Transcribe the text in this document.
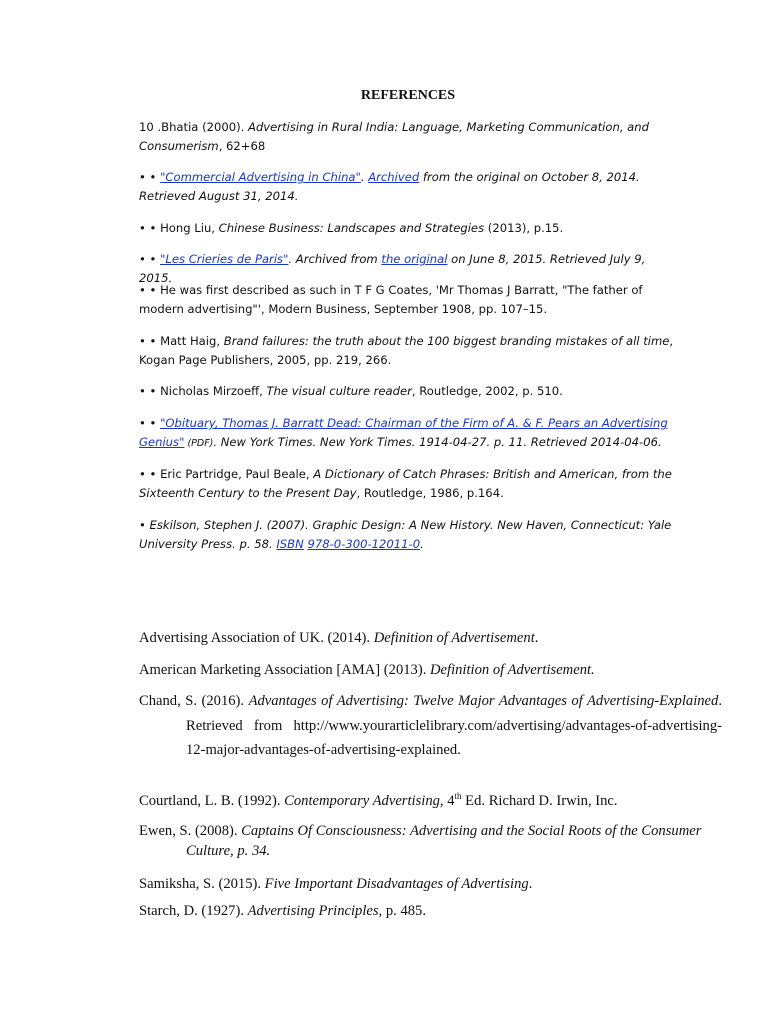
REFERENCES
10 .Bhatia (2000). Advertising in Rural India: Language, Marketing Communication, and Consumerism, 62+68
• • "Commercial Advertising in China". Archived from the original on October 8, 2014. Retrieved August 31, 2014.
• • Hong Liu, Chinese Business: Landscapes and Strategies (2013), p.15.
• • "Les Crieries de Paris". Archived from the original on June 8, 2015. Retrieved July 9, 2015.
• • He was first described as such in T F G Coates, 'Mr Thomas J Barratt, "The father of modern advertising"', Modern Business, September 1908, pp. 107–15.
• • Matt Haig, Brand failures: the truth about the 100 biggest branding mistakes of all time, Kogan Page Publishers, 2005, pp. 219, 266.
• • Nicholas Mirzoeff, The visual culture reader, Routledge, 2002, p. 510.
• • "Obituary, Thomas J. Barratt Dead: Chairman of the Firm of A. & F. Pears an Advertising Genius" (PDF). New York Times. New York Times. 1914-04-27. p. 11. Retrieved 2014-04-06.
• • Eric Partridge, Paul Beale, A Dictionary of Catch Phrases: British and American, from the Sixteenth Century to the Present Day, Routledge, 1986, p.164.
• Eskilson, Stephen J. (2007). Graphic Design: A New History. New Haven, Connecticut: Yale University Press. p. 58. ISBN 978-0-300-12011-0.
Advertising Association of UK. (2014). Definition of Advertisement.
American Marketing Association [AMA] (2013). Definition of Advertisement.
Chand, S. (2016). Advantages of Advertising: Twelve Major Advantages of Advertising-Explained. Retrieved from http://www.yourarticlelibrary.com/advertising/advantages-of-advertising-12-major-advantages-of-advertising-explained.
Courtland, L. B. (1992). Contemporary Advertising, 4th Ed. Richard D. Irwin, Inc.
Ewen, S. (2008). Captains Of Consciousness: Advertising and the Social Roots of the Consumer Culture, p. 34.
Samiksha, S. (2015). Five Important Disadvantages of Advertising.
Starch, D. (1927). Advertising Principles, p. 485.
